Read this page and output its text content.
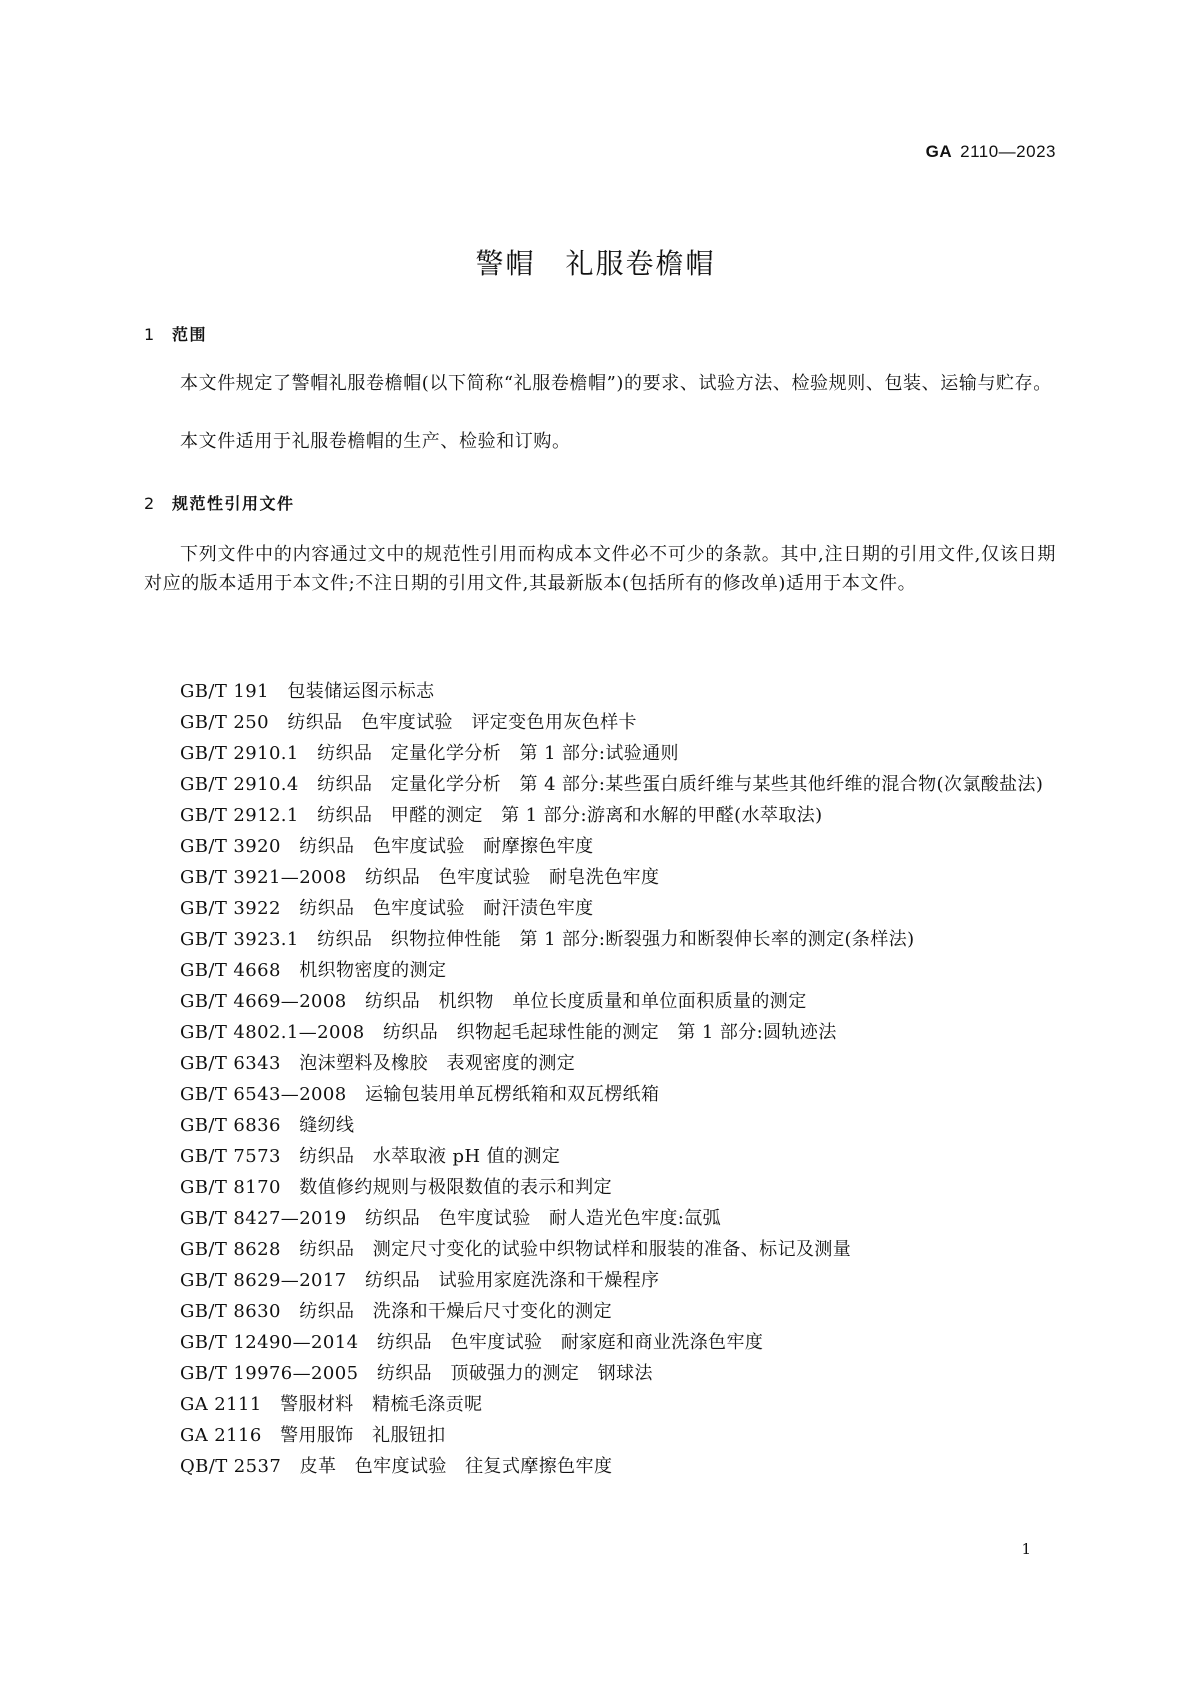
GA 2110—2023
警帽　礼服卷檐帽
1 范围
本文件规定了警帽礼服卷檐帽(以下简称“礼服卷檐帽”)的要求、试验方法、检验规则、包装、运输与贮存。
本文件适用于礼服卷檐帽的生产、检验和订购。
2 规范性引用文件
下列文件中的内容通过文中的规范性引用而构成本文件必不可少的条款。其中,注日期的引用文件,仅该日期对应的版本适用于本文件;不注日期的引用文件,其最新版本(包括所有的修改单)适用于本文件。
GB/T 191 包装储运图示标志
GB/T 250 纺织品　色牢度试验　评定变色用灰色样卡
GB/T 2910.1 纺织品　定量化学分析　第 1 部分:试验通则
GB/T 2910.4 纺织品　定量化学分析　第 4 部分:某些蛋白质纤维与某些其他纤维的混合物(次氯酸盐法)
GB/T 2912.1 纺织品　甲醛的测定　第 1 部分:游离和水解的甲醛(水萃取法)
GB/T 3920 纺织品　色牢度试验　耐摩擦色牢度
GB/T 3921—2008 纺织品　色牢度试验　耐皂洗色牢度
GB/T 3922 纺织品　色牢度试验　耐汗渍色牢度
GB/T 3923.1 纺织品　织物拉伸性能　第 1 部分:断裂强力和断裂伸长率的测定(条样法)
GB/T 4668 机织物密度的测定
GB/T 4669—2008 纺织品　机织物　单位长度质量和单位面积质量的测定
GB/T 4802.1—2008 纺织品　织物起毛起球性能的测定　第 1 部分:圆轨迹法
GB/T 6343 泡沫塑料及橡胶　表观密度的测定
GB/T 6543—2008 运输包装用单瓦楞纸箱和双瓦楞纸箱
GB/T 6836 缝纫线
GB/T 7573 纺织品　水萃取液 pH 值的测定
GB/T 8170 数值修约规则与极限数值的表示和判定
GB/T 8427—2019 纺织品　色牢度试验　耐人造光色牢度:氙弧
GB/T 8628 纺织品　测定尺寸变化的试验中织物试样和服装的准备、标记及测量
GB/T 8629—2017 纺织品　试验用家庭洗涤和干燥程序
GB/T 8630 纺织品　洗涤和干燥后尺寸变化的测定
GB/T 12490—2014 纺织品　色牢度试验　耐家庭和商业洗涤色牢度
GB/T 19976—2005 纺织品　顶破强力的测定　钢球法
GA 2111 警服材料　精梳毛涤贡呢
GA 2116 警用服饰　礼服钮扣
QB/T 2537 皮革　色牢度试验　往复式摩擦色牢度
1
